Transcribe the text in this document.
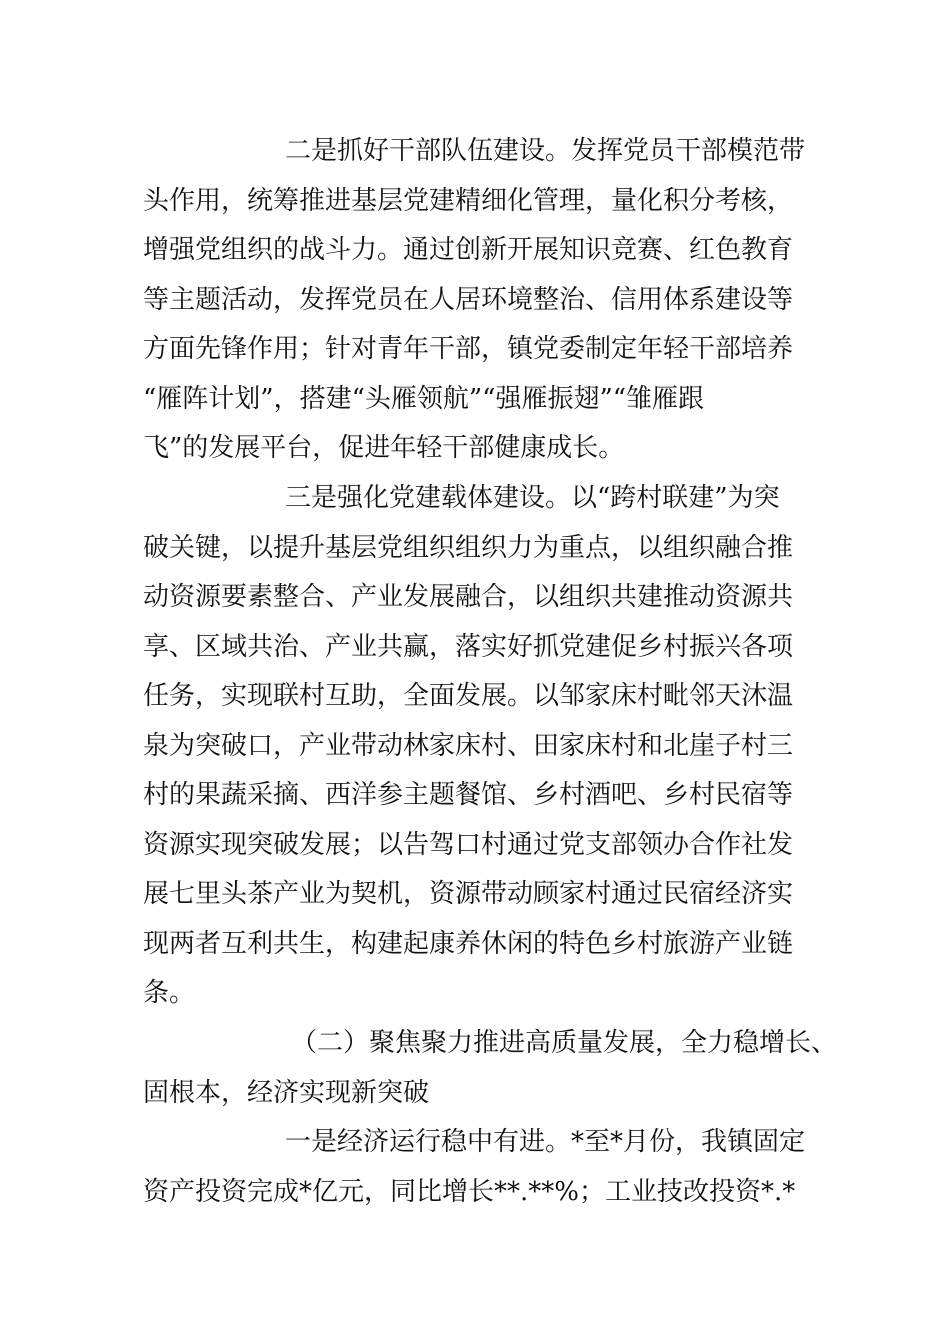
二是抓好干部队伍建设。发挥党员干部模范带
头作用，统筹推进基层党建精细化管理，量化积分考核，
增强党组织的战斗力。通过创新开展知识竞赛、红色教育
等主题活动，发挥党员在人居环境整治、信用体系建设等
方面先锋作用；针对青年干部，镇党委制定年轻干部培养
“雁阵计划”，搭建“头雁领航”“强雁振翅”“雏雁跟
飞”的发展平台，促进年轻干部健康成长。
三是强化党建载体建设。以“跨村联建”为突
破关键，以提升基层党组织组织力为重点，以组织融合推
动资源要素整合、产业发展融合，以组织共建推动资源共
享、区域共治、产业共赢，落实好抓党建促乡村振兴各项
任务，实现联村互助，全面发展。以邹家床村毗邻天沐温
泉为突破口，产业带动林家床村、田家床村和北崖子村三
村的果蔬采摘、西洋参主题餐馆、乡村酒吧、乡村民宿等
资源实现突破发展；以告驾口村通过党支部领办合作社发
展七里头茶产业为契机，资源带动顾家村通过民宿经济实
现两者互利共生，构建起康养休闲的特色乡村旅游产业链
条。
（二）聚焦聚力推进高质量发展，全力稳增长、
固根本，经济实现新突破
一是经济运行稳中有进。*至*月份，我镇固定
资产投资完成*亿元，同比增长**.**%；工业技改投资*.*
